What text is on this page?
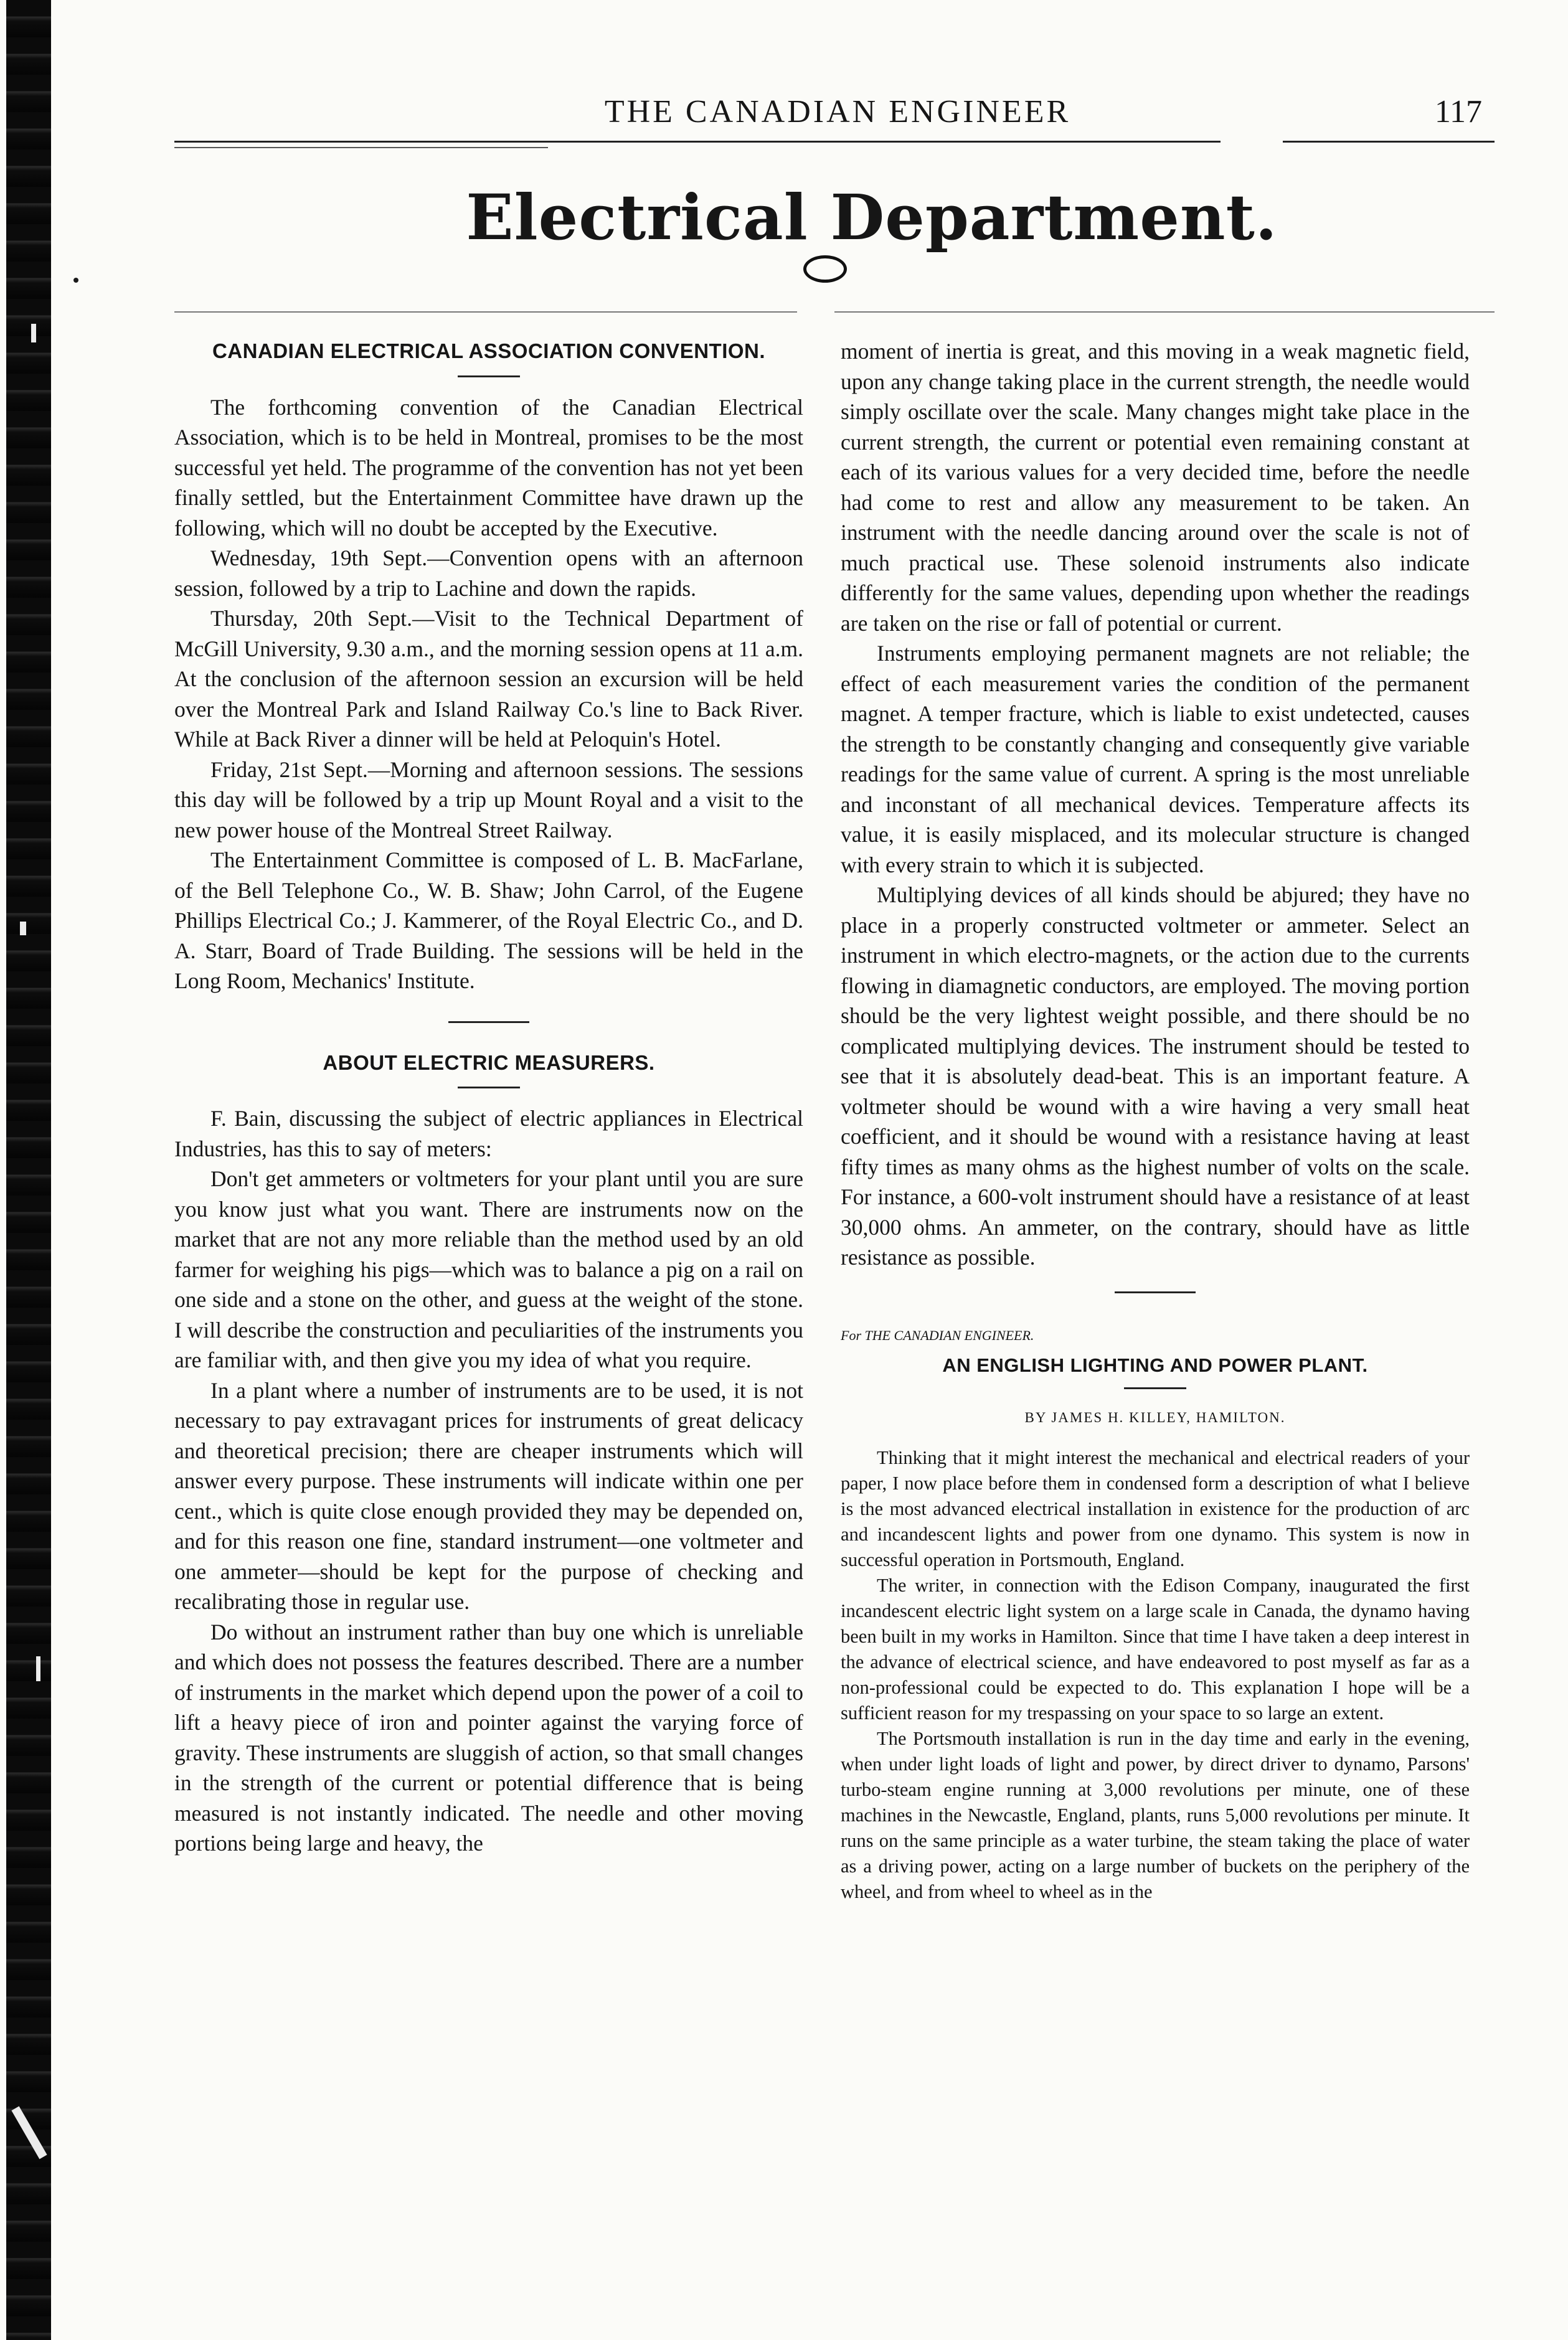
THE CANADIAN ENGINEER	117
Electrical Department.
CANADIAN ELECTRICAL ASSOCIATION CONVENTION.

The forthcoming convention of the Canadian Electrical Association, which is to be held in Montreal, promises to be the most successful yet held. The programme of the convention has not yet been finally settled, but the Entertainment Committee have drawn up the following, which will no doubt be accepted by the Executive.

Wednesday, 19th Sept.—Convention opens with an afternoon session, followed by a trip to Lachine and down the rapids.

Thursday, 20th Sept.—Visit to the Technical Department of McGill University, 9.30 a.m., and the morning session opens at 11 a.m. At the conclusion of the afternoon session an excursion will be held over the Montreal Park and Island Railway Co.'s line to Back River. While at Back River a dinner will be held at Peloquin's Hotel.

Friday, 21st Sept.—Morning and afternoon sessions. The sessions this day will be followed by a trip up Mount Royal and a visit to the new power house of the Montreal Street Railway.

The Entertainment Committee is composed of L. B. MacFarlane, of the Bell Telephone Co., W. B. Shaw; John Carrol, of the Eugene Phillips Electrical Co.; J. Kammerer, of the Royal Electric Co., and D. A. Starr, Board of Trade Building. The sessions will be held in the Long Room, Mechanics' Institute.

ABOUT ELECTRIC MEASURERS.

F. Bain, discussing the subject of electric appliances in Electrical Industries, has this to say of meters:

Don't get ammeters or voltmeters for your plant until you are sure you know just what you want. There are instruments now on the market that are not any more reliable than the method used by an old farmer for weighing his pigs—which was to balance a pig on a rail on one side and a stone on the other, and guess at the weight of the stone. I will describe the construction and peculiarities of the instruments you are familiar with, and then give you my idea of what you require.

In a plant where a number of instruments are to be used, it is not necessary to pay extravagant prices for instruments of great delicacy and theoretical precision; there are cheaper instruments which will answer every purpose. These instruments will indicate within one per cent., which is quite close enough provided they may be depended on, and for this reason one fine, standard instrument—one voltmeter and one ammeter—should be kept for the purpose of checking and recalibrating those in regular use.

Do without an instrument rather than buy one which is unreliable and which does not possess the features described. There are a number of instruments in the market which depend upon the power of a coil to lift a heavy piece of iron and pointer against the varying force of gravity. These instruments are sluggish of action, so that small changes in the strength of the current or potential difference that is being measured is not instantly indicated. The needle and other moving portions being large and heavy, the

moment of inertia is great, and this moving in a weak magnetic field, upon any change taking place in the current strength, the needle would simply oscillate over the scale. Many changes might take place in the current strength, the current or potential even remaining constant at each of its various values for a very decided time, before the needle had come to rest and allow any measurement to be taken. An instrument with the needle dancing around over the scale is not of much practical use. These solenoid instruments also indicate differently for the same values, depending upon whether the readings are taken on the rise or fall of potential or current.

Instruments employing permanent magnets are not reliable; the effect of each measurement varies the condition of the permanent magnet. A temper fracture, which is liable to exist undetected, causes the strength to be constantly changing and consequently give variable readings for the same value of current. A spring is the most unreliable and inconstant of all mechanical devices. Temperature affects its value, it is easily misplaced, and its molecular structure is changed with every strain to which it is subjected.

Multiplying devices of all kinds should be abjured; they have no place in a properly constructed voltmeter or ammeter. Select an instrument in which electro-magnets, or the action due to the currents flowing in diamagnetic conductors, are employed. The moving portion should be the very lightest weight possible, and there should be no complicated multiplying devices. The instrument should be tested to see that it is absolutely dead-beat. This is an important feature. A voltmeter should be wound with a wire having a very small heat coefficient, and it should be wound with a resistance having at least fifty times as many ohms as the highest number of volts on the scale. For instance, a 600-volt instrument should have a resistance of at least 30,000 ohms. An ammeter, on the contrary, should have as little resistance as possible.

For THE CANADIAN ENGINEER.
AN ENGLISH LIGHTING AND POWER PLANT.
BY JAMES H. KILLEY, HAMILTON.

Thinking that it might interest the mechanical and electrical readers of your paper, I now place before them in condensed form a description of what I believe is the most advanced electrical installation in existence for the production of arc and incandescent lights and power from one dynamo. This system is now in successful operation in Portsmouth, England.

The writer, in connection with the Edison Company, inaugurated the first incandescent electric light system on a large scale in Canada, the dynamo having been built in my works in Hamilton. Since that time I have taken a deep interest in the advance of electrical science, and have endeavored to post myself as far as a non-professional could be expected to do. This explanation I hope will be a sufficient reason for my trespassing on your space to so large an extent.

The Portsmouth installation is run in the day time and early in the evening, when under light loads of light and power, by direct driver to dynamo, Parsons' turbo-steam engine running at 3,000 revolutions per minute, one of these machines in the Newcastle, England, plants, runs 5,000 revolutions per minute. It runs on the same principle as a water turbine, the steam taking the place of water as a driving power, acting on a large number of buckets on the periphery of the wheel, and from wheel to wheel as in the
